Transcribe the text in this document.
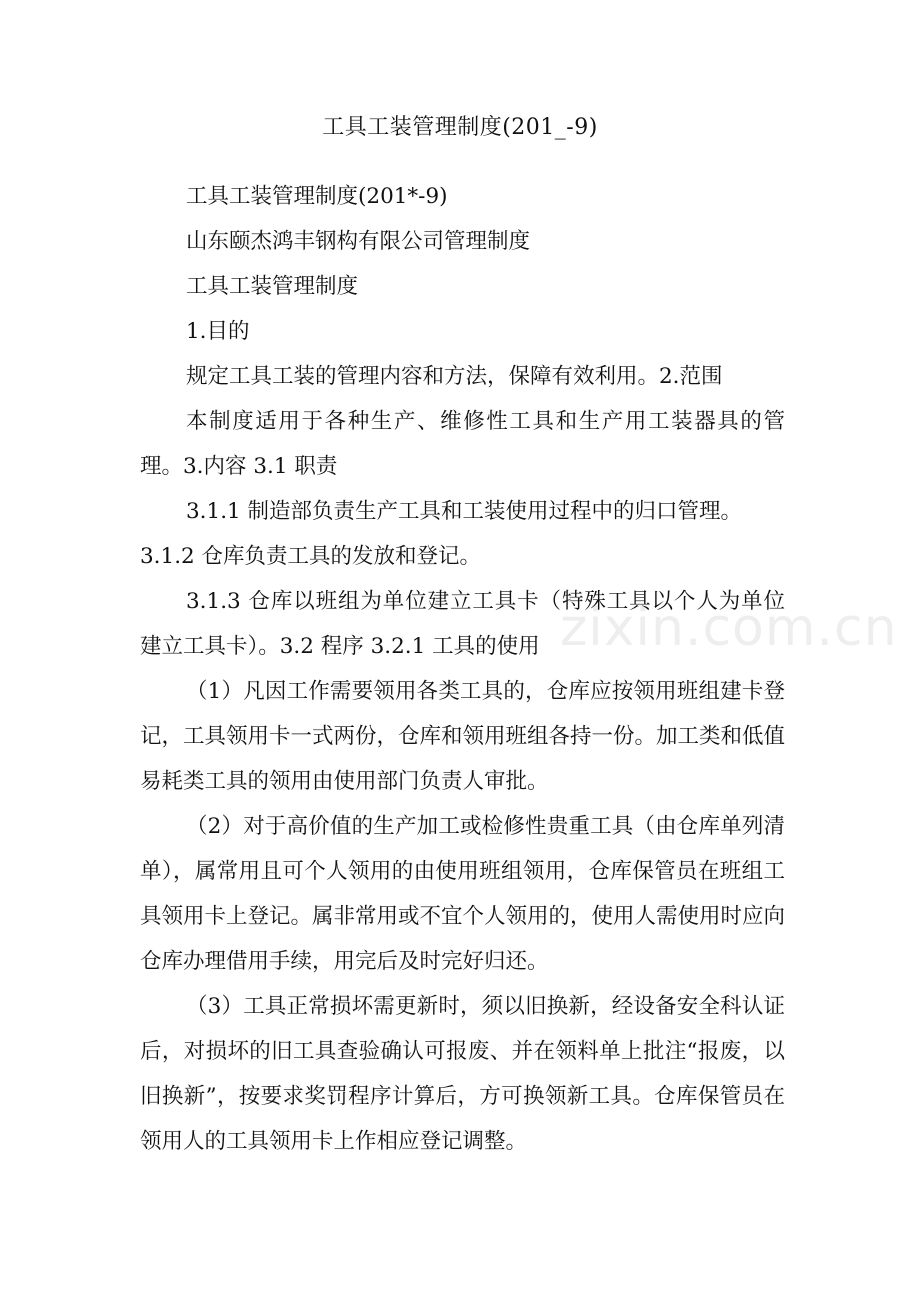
工具工装管理制度(201_-9)

工具工装管理制度(201*-9)

山东颐杰鸿丰钢构有限公司管理制度

工具工装管理制度

1.目的

规定工具工装的管理内容和方法，保障有效利用。2.范围

本制度适用于各种生产、维修性工具和生产用工装器具的管理。3.内容 3.1 职责

3.1.1 制造部负责生产工具和工装使用过程中的归口管理。

3.1.2 仓库负责工具的发放和登记。

3.1.3 仓库以班组为单位建立工具卡（特殊工具以个人为单位建立工具卡）。3.2 程序 3.2.1 工具的使用

（1）凡因工作需要领用各类工具的，仓库应按领用班组建卡登记，工具领用卡一式两份，仓库和领用班组各持一份。加工类和低值易耗类工具的领用由使用部门负责人审批。

（2）对于高价值的生产加工或检修性贵重工具（由仓库单列清单），属常用且可个人领用的由使用班组领用，仓库保管员在班组工具领用卡上登记。属非常用或不宜个人领用的，使用人需使用时应向仓库办理借用手续，用完后及时完好归还。

（3）工具正常损坏需更新时，须以旧换新，经设备安全科认证后，对损坏的旧工具查验确认可报废、并在领料单上批注“报废，以旧换新”，按要求奖罚程序计算后，方可换领新工具。仓库保管员在领用人的工具领用卡上作相应登记调整。

zixin.com.cn
